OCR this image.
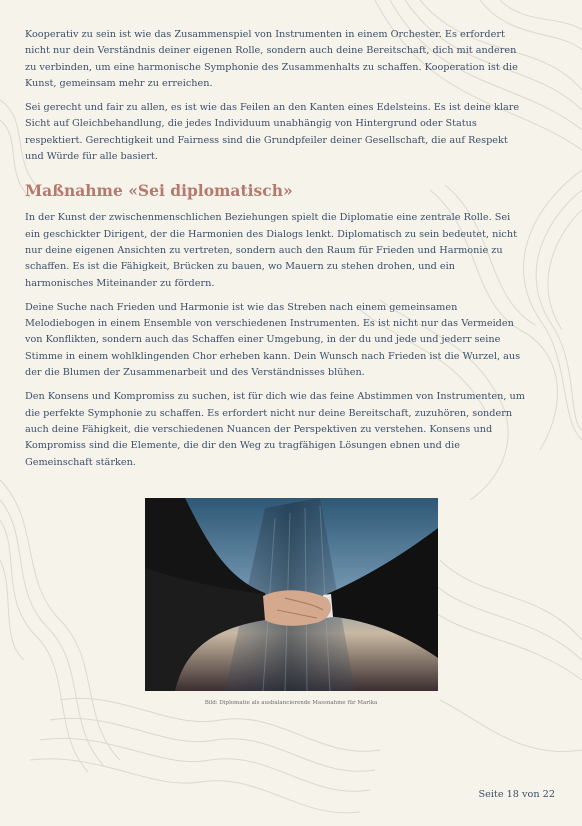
Kooperativ zu sein ist wie das Zusammenspiel von Instrumenten in einem Orchester. Es erfordert nicht nur dein Verständnis deiner eigenen Rolle, sondern auch deine Bereitschaft, dich mit anderen zu verbinden, um eine harmonische Symphonie des Zusammenhalts zu schaffen. Kooperation ist die Kunst, gemeinsam mehr zu erreichen.

Sei gerecht und fair zu allen, es ist wie das Feilen an den Kanten eines Edelsteins. Es ist deine klare Sicht auf Gleichbehandlung, die jedes Individuum unabhängig von Hintergrund oder Status respektiert. Gerechtigkeit und Fairness sind die Grundpfeiler deiner Gesellschaft, die auf Respekt und Würde für alle basiert.

Maßnahme «Sei diplomatisch»

In der Kunst der zwischenmenschlichen Beziehungen spielt die Diplomatie eine zentrale Rolle. Sei ein geschickter Dirigent, der die Harmonien des Dialogs lenkt. Diplomatisch zu sein bedeutet, nicht nur deine eigenen Ansichten zu vertreten, sondern auch den Raum für Frieden und Harmonie zu schaffen. Es ist die Fähigkeit, Brücken zu bauen, wo Mauern zu stehen drohen, und ein harmonisches Miteinander zu fördern.

Deine Suche nach Frieden und Harmonie ist wie das Streben nach einem gemeinsamen Melodiebogen in einem Ensemble von verschiedenen Instrumenten. Es ist nicht nur das Vermeiden von Konflikten, sondern auch das Schaffen einer Umgebung, in der du und jede und jederr seine Stimme in einem wohlklingenden Chor erheben kann. Dein Wunsch nach Frieden ist die Wurzel, aus der die Blumen der Zusammenarbeit und des Verständnisses blühen.

Den Konsens und Kompromiss zu suchen, ist für dich wie das feine Abstimmen von Instrumenten, um die perfekte Symphonie zu schaffen. Es erfordert nicht nur deine Bereitschaft, zuzuhören, sondern auch deine Fähigkeit, die verschiedenen Nuancen der Perspektiven zu verstehen. Konsens und Kompromiss sind die Elemente, die dir den Weg zu tragfähigen Lösungen ebnen und die Gemeinschaft stärken.

Bild: Diplomatie als ausbalancierende Massnahme für Marika
Seite 18 von 22
